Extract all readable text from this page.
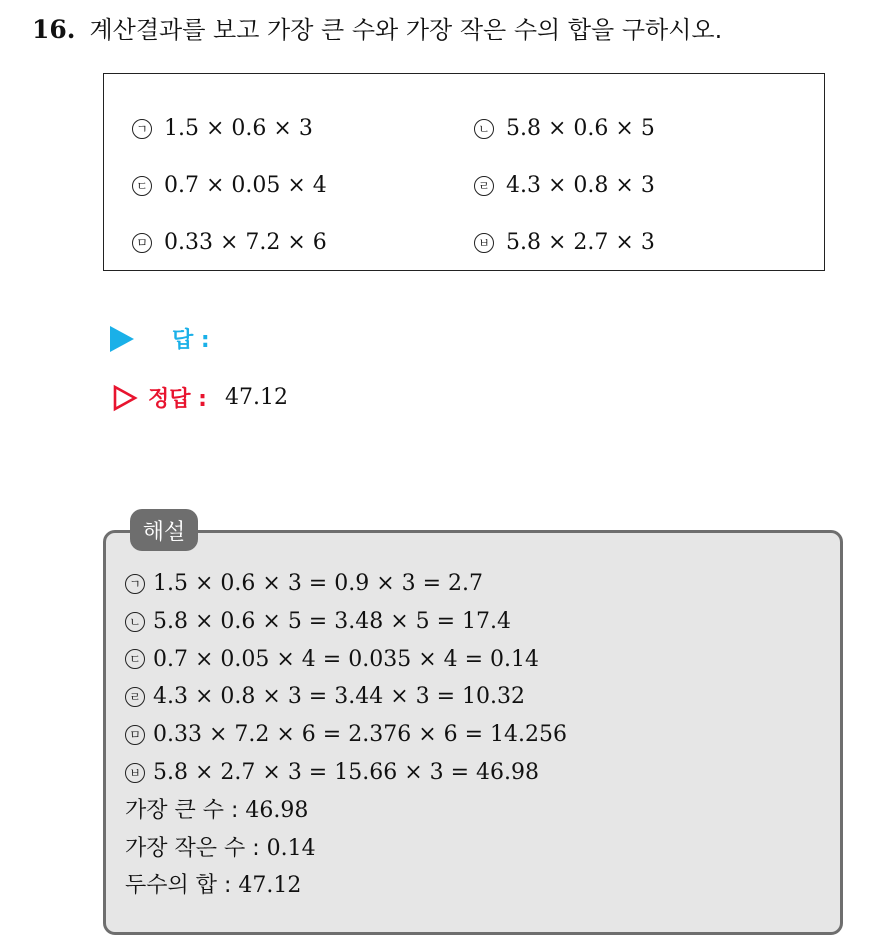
16. 계산결과를 보고 가장 큰 수와 가장 작은 수의 합을 구하시오.
ㄱ 1.5 × 0.6 × 3	ㄴ 5.8 × 0.6 × 5
ㄷ 0.7 × 0.05 × 4	ㄹ 4.3 × 0.8 × 3
ㅁ 0.33 × 7.2 × 6	ㅂ 5.8 × 2.7 × 3
답 :
정답 : 47.12
해설
ㄱ 1.5 × 0.6 × 3 = 0.9 × 3 = 2.7
ㄴ 5.8 × 0.6 × 5 = 3.48 × 5 = 17.4
ㄷ 0.7 × 0.05 × 4 = 0.035 × 4 = 0.14
ㄹ 4.3 × 0.8 × 3 = 3.44 × 3 = 10.32
ㅁ 0.33 × 7.2 × 6 = 2.376 × 6 = 14.256
ㅂ 5.8 × 2.7 × 3 = 15.66 × 3 = 46.98
가장 큰 수 :
46.98
가장 작은 수 :
0.14
두수의 합 :
47.12
